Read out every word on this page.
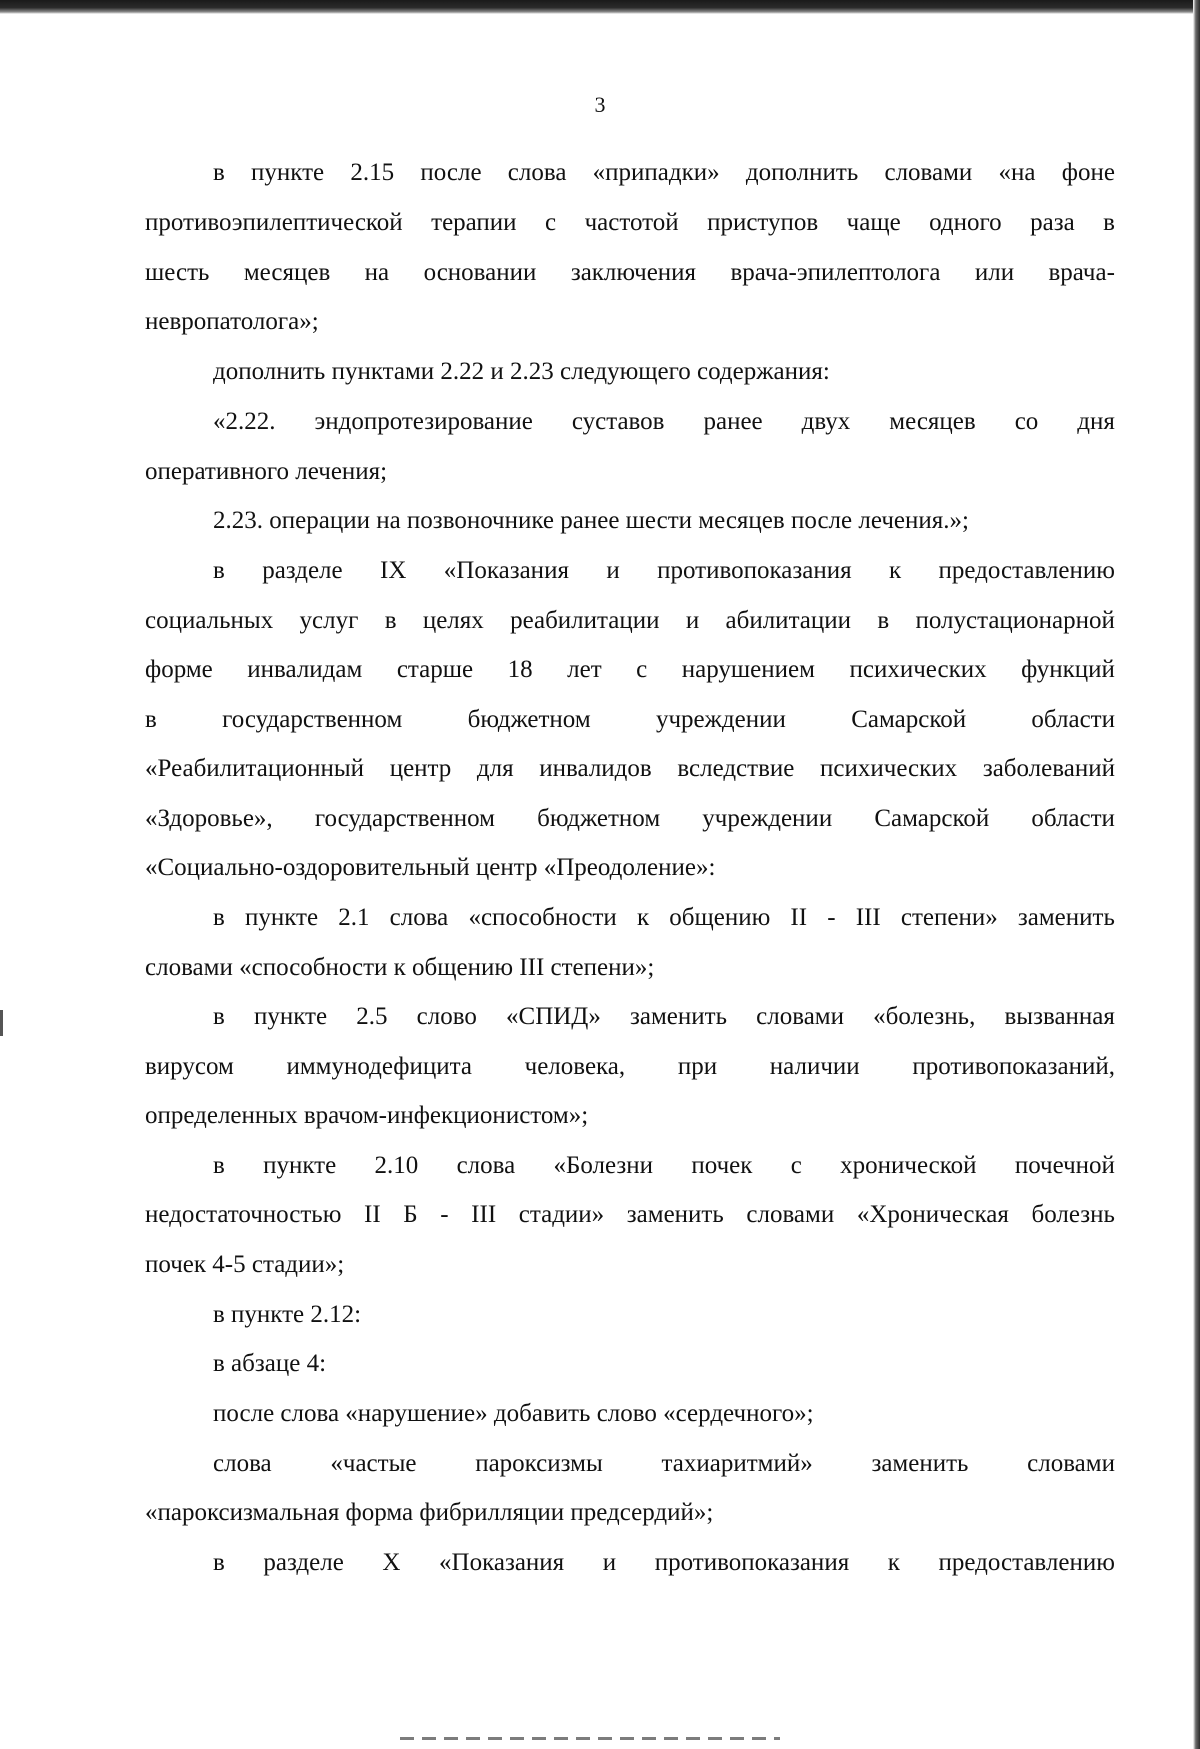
3
в пункте 2.15 после слова «припадки» дополнить словами «на фоне
противоэпилептической терапии с частотой приступов чаще одного раза в
шесть месяцев на основании заключения врача-эпилептолога или врача-
невропатолога»;
дополнить пунктами 2.22 и 2.23 следующего содержания:
«2.22. эндопротезирование суставов ранее двух месяцев со дня
оперативного лечения;
2.23. операции на позвоночнике ранее шести месяцев после лечения.»;
в разделе IX «Показания и противопоказания к предоставлению
социальных услуг в целях реабилитации и абилитации в полустационарной
форме инвалидам старше 18 лет с нарушением психических функций
в	государственном	бюджетном	учреждении	Самарской	области
«Реабилитационный центр для инвалидов вследствие психических заболеваний
«Здоровье», государственном бюджетном учреждении Самарской области
«Социально-оздоровительный центр «Преодоление»:
в пункте 2.1 слова «способности к общению II - III степени» заменить
словами «способности к общению III степени»;
в пункте 2.5 слово «СПИД» заменить словами «болезнь, вызванная
вирусом иммунодефицита человека, при наличии противопоказаний,
определенных врачом-инфекционистом»;
в пункте 2.10 слова «Болезни почек с хронической почечной
недостаточностью II Б - III стадии» заменить словами «Хроническая болезнь
почек 4-5 стадии»;
в пункте 2.12:
в абзаце 4:
после слова «нарушение» добавить слово «сердечного»;
слова «частые пароксизмы тахиаритмий» заменить словами
«пароксизмальная форма фибрилляции предсердий»;
в разделе X «Показания и противопоказания к предоставлению
